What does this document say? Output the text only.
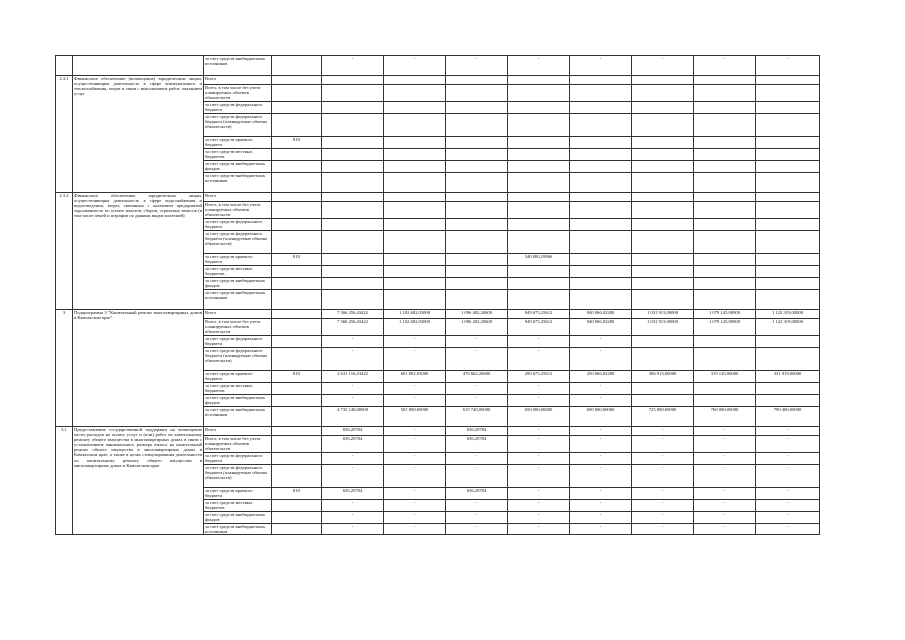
		за счет средств внебюджетных источников		-	-	-	-	-	-	-	-
2.3.1	Финансовое обеспечение (возмещение) юридическим лицам, осуществляющим деятельность в сфере коммунального и теплоснабжения, затрат в связи с выполнением работ, оказанием услуг	Всего									
		Всего, в том числе без учета планируемых объемов обязательств									
		за счет средств федерального бюджета									
		за счет средств федерального бюджета (планируемые объемы обязательств)									
		за счет средств краевого бюджета	810								
		за счет средств местных бюджетов									
		за счет средств внебюджетных фондов									
		за счет средств внебюджетных источников									
2.3.2	Финансовое обеспечение юридическим лицам, осуществляющим деятельность в сфере водоснабжения и водоотведения, затрат, связанных с оказанием предприятий задолженность по уплате налогов, сборов, страховых взносов (в том числе пеней и штрафов по данным видам платежей)	Всего									
		Всего, в том числе без учета планируемых объемов обязательств									
		за счет средств федерального бюджета									
		за счет средств федерального бюджета (планируемые объемы обязательств)									
		за счет средств краевого бюджета	810				340 000,29866				
		за счет средств местных бюджетов									
		за счет средств внебюджетных фондов									
		за счет средств внебюджетных источников									
3	Подпрограмма 3 "Капитальный ремонт многоквартирных домов в Камчатском крае"	Всего		7 366 256,43422	1 102 682,03000	1 096 402,20600	949 675,25612	940 066,02280	1 031 913,00000	1 079 145,00000	1 122 319,00000
		Всего, в том числе без учета планируемых объемов обязательств		7 366 256,43422	1 102 682,03000	1 096 402,20600	949 675,25612	940 066,02280	1 031 913,00000	1 079 145,00000	1 122 319,00000
		за счет средств федерального бюджета		-	-	-	-	-			
		за счет средств федерального бюджета (планируемые объемы обязательств)		-	-	-	-	-			
		за счет средств краевого бюджета	810	2 631 116,43422	601 682,03000	476 662,20600	299 675,25612	250 066,02280	306 913,00000	319 145,00000	331 919,00000
		за счет средств местных бюджетов		-	-	-	-	-			
		за счет средств внебюджетных фондов		-	-	-	-	-			
		за счет средств внебюджетных источников		4 735 140,00000	501 000,00000	619 740,00000	650 000,00000	690 000,00000	725 000,00000	760 000,00000	790 400,00000
3.1	Предоставление государственной поддержки на возмещение части расходов на оплату услуг и (или) работ по капитальному ремонту общего имущества в многоквартирных домах в связи с установлением минимального размера взноса на капитальный ремонт общего имущества в многоквартирных домах в Камчатском крае, а также в целях стимулирования деятельности по капитальному ремонту общего имущества в многоквартирных домах в Камчатском крае	Всего		656,20784	-	656,20784	-	-	-	-	-
		Всего, в том числе без учета планируемых объемов обязательств		656,20784	-	656,20784	-	-	-	-	-
		за счет средств федерального бюджета		-	-	-	-	-	-	-	-
		за счет средств федерального бюджета (планируемые объемы обязательств)		-	-	-	-	-	-	-	-
		за счет средств краевого бюджета	810	656,20784	-	656,20784	-	-	-	-	-
		за счет средств местных бюджетов		-	-	-	-	-	-	-	-
		за счет средств внебюджетных фондов		-	-	-	-	-	-	-	-
		за счет средств внебюджетных источников		-	-	-	-	-	-	-	-
